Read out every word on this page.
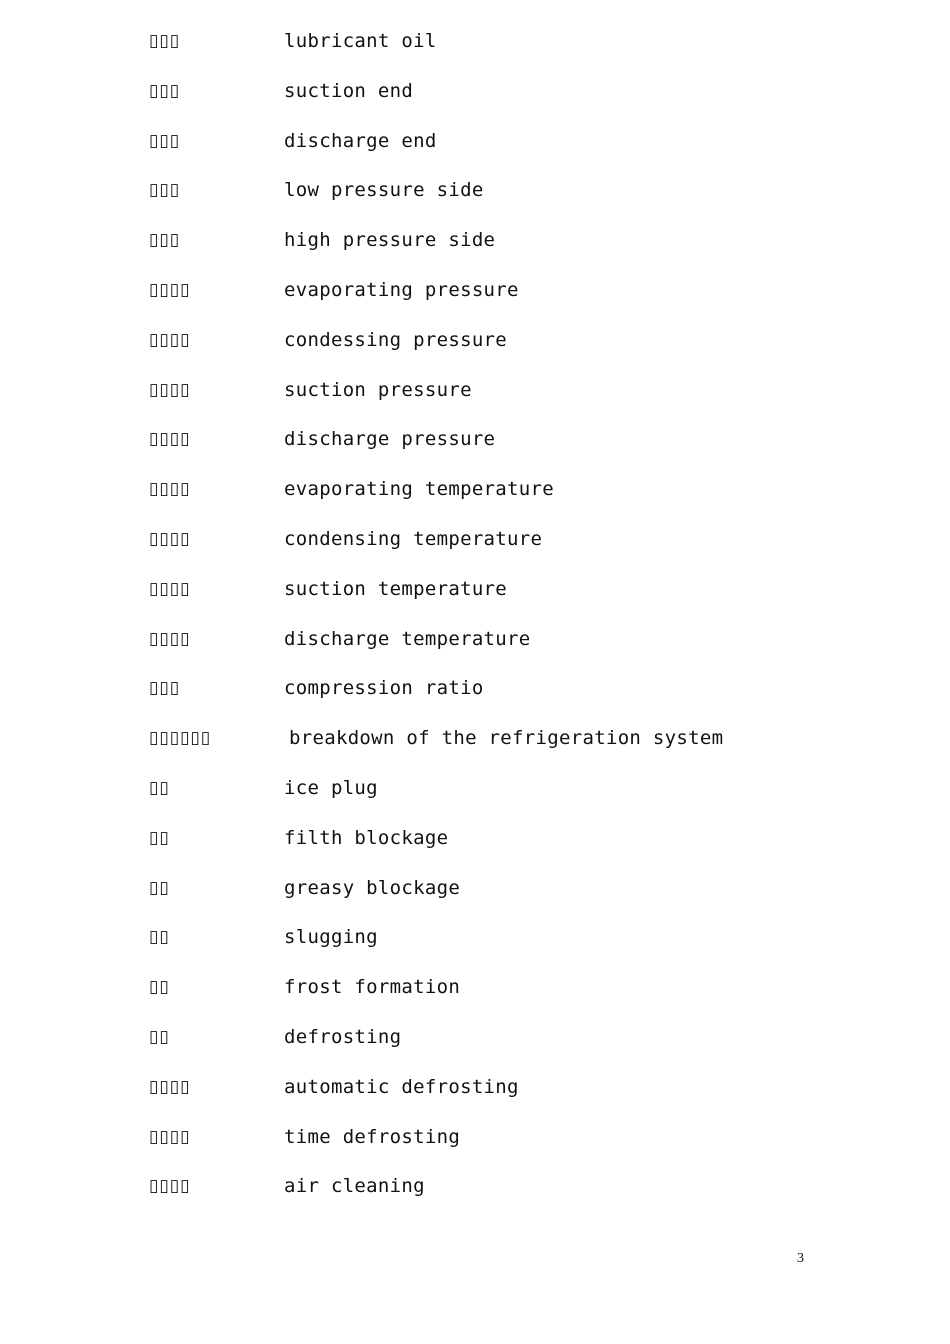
▯▯▯	lubricant oil
▯▯▯	suction end
▯▯▯	discharge end
▯▯▯	low pressure side
▯▯▯	high pressure side
▯▯▯▯	evaporating pressure
▯▯▯▯	condessing pressure
▯▯▯▯	suction pressure
▯▯▯▯	discharge pressure
▯▯▯▯	evaporating temperature
▯▯▯▯	condensing temperature
▯▯▯▯	suction temperature
▯▯▯▯	discharge temperature
▯▯▯	compression ratio
▯▯▯▯▯▯	breakdown of the refrigeration system
▯▯	ice plug
▯▯	filth blockage
▯▯	greasy blockage
▯▯	slugging
▯▯	frost formation
▯▯	defrosting
▯▯▯▯	automatic defrosting
▯▯▯▯	time defrosting
▯▯▯▯	air cleaning
3
